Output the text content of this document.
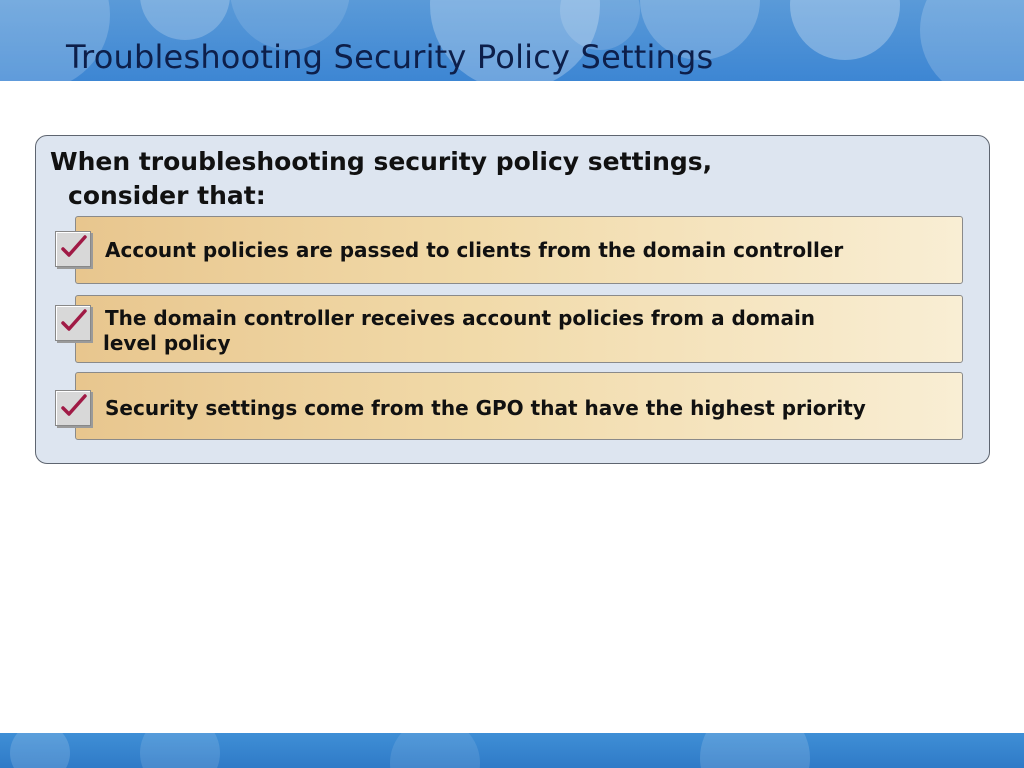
Troubleshooting Security Policy Settings
When troubleshooting security policy settings,
consider that:
Account policies are passed to clients from the domain controller
The domain controller receives account policies from a domain
level policy
Security settings come from the GPO that have the highest priority
